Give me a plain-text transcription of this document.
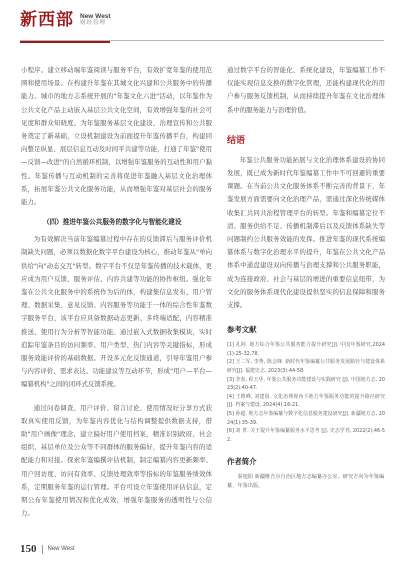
新西部 New West
财经管理

小程序。建立移动端年鉴阅读与服务平台，有效扩宽年鉴的使用范围和使用场景。在构建升年鉴在其城文化兴建和公共服务中的传播能力。城市的地方志系统开展的"年鉴文化六进"活动，以年鉴作为公共文化产品主动嵌入基层公共文化空间，有效增强年鉴的社会可见度和群众知晓度。为年鉴服务基层文化建设、治理宣传和公共服务奠定了新基础，立设机制建设为前面提升年鉴传播平台，构建同向整足纵显、展层信息互动及时间平共建等功能，打通了年鉴"使用—反馈—改进"的自然循环机制，以增强年鉴服务的互动性和用户黏性。年鉴传播与互动机制的完善将促进年鉴融入基层文化治理体系，拓展年鉴公共文化服务功能，从而增强年鉴对基层社会的服务能力。

（四）推进年鉴公共服务的数字化与智能化建设

为有效解决当前年鉴编纂过程中存在的反馈滞后与服务评价机制缺失问题，必须以数据化数字平台建设为核心，推动年鉴从"单向供给"向"动态交互"转型。数字平台不仅是年鉴传播的技术载体，更应成为用户反馈、服务评估、内容共建等功能的协作枢纽。强化年鉴在公共文化服务中的系统作为后的体，构建集信息发布、用户管理、数据采集、意见反馈、内容服务等功能于一体的综合性年鉴数字服务平台，该平台应具备数据动态更新、多终端适配、内容精准推送、使用行为分析等智能功能。通过嵌入式数据收集模块，实时追踪年鉴条目的访问频率、用户类型、热门内容等关键指标，形成服务效能评价的基础数据。开设多元化反馈通道，引导年鉴用户参与内容评价、需求表达、功能建议等互动环节，形成"用户—平台—编纂机构"之间的闭环式反馈系统。

通过问卷调查、用户评价、留言讨论、使用情况好分享方式获取真实使用反馈，为年鉴内容优化与结构调整提供数据支持，借助"用户画像"理念，建立偏好用户使用档案，精准识别政府、社会组织、基层单位及公众等不同群体的服务偏好，提升年鉴内容的适配能力和对接。探索年鉴编撰评估机制，制定编纂内容更新频率、用户回访度、访问有效率、反馈处理效率等指标的年鉴服务绩效体系，定期服务年鉴的运行管理。平台可设立年鉴使用评估信息，定期公布年鉴使用情况和优化成效，增强年鉴服务的透明性与公信力。

通过数字平台的智能化、系统化建设，年鉴编纂工作不仅能实现信息交换的数字化管理，还能构建现代化的用户参与服务反馈机制，从而持续提升年鉴在文化治理体系中的服务能力与治理价值。

结语

年鉴公共服务功能拓展与文化治理体系建设的协同发展，既已成为新时代年鉴编纂工作中不可回避的重要课题。在当前公共文化服务体系不断完善的背景下，年鉴发展方面需要向文化治理产品，需通过深化传统媒体收集汇共同共治程管理平台的转型。年鉴和编纂定位不清、服务供给不足、传播机制滞后以及反馈体系缺失等问题制约公共服务效能的发挥。推进年鉴的现代系统编纂体系与数字化治理水平的提升，年鉴在公共文化产品体系中通盘建设双向传播与治理支撑和公共服务职能，成为连接政府、社会与基层的增进的重要信息纽带，为文化的服务体系现代化建设提供坚实的信息保障和服务支撑。

参考文献

[1] 孔婷. 地方综合年鉴公共服务能力提升研究[J]. 中国年鉴研究,2024(1):25-32,78.

[2] 王二军, 李秀, 陈会锋. 新时代年鉴编纂公共服务发展路径与建设体系研究[J]. 福建史志, 2023(3):44-58.

[3] 李春, 程玉华. 年鉴公共服务功能建设与实践研究 [J]. 中国地方志, 2023(2):40-47.

[4] 王维峰, 刘建国. 文化治理视角下地方年鉴服务功能的提升路径研究[J]. 档案与建设, 2024(4):16-21.

[5] 孙超. 地方志年鉴编纂与数字化信息服务建设研究[J]. 新疆地方志, 2024(1):35-39.

[6] 刘 菁. 关于提升年鉴编纂服务水平思考 [J]. 史志学刊, 2022(2):46-52.

作者简介

秦旭阳 新疆维吾尔自治区地方志编纂办公室。研究方向为年鉴编纂、年鉴出版。

150 New West
